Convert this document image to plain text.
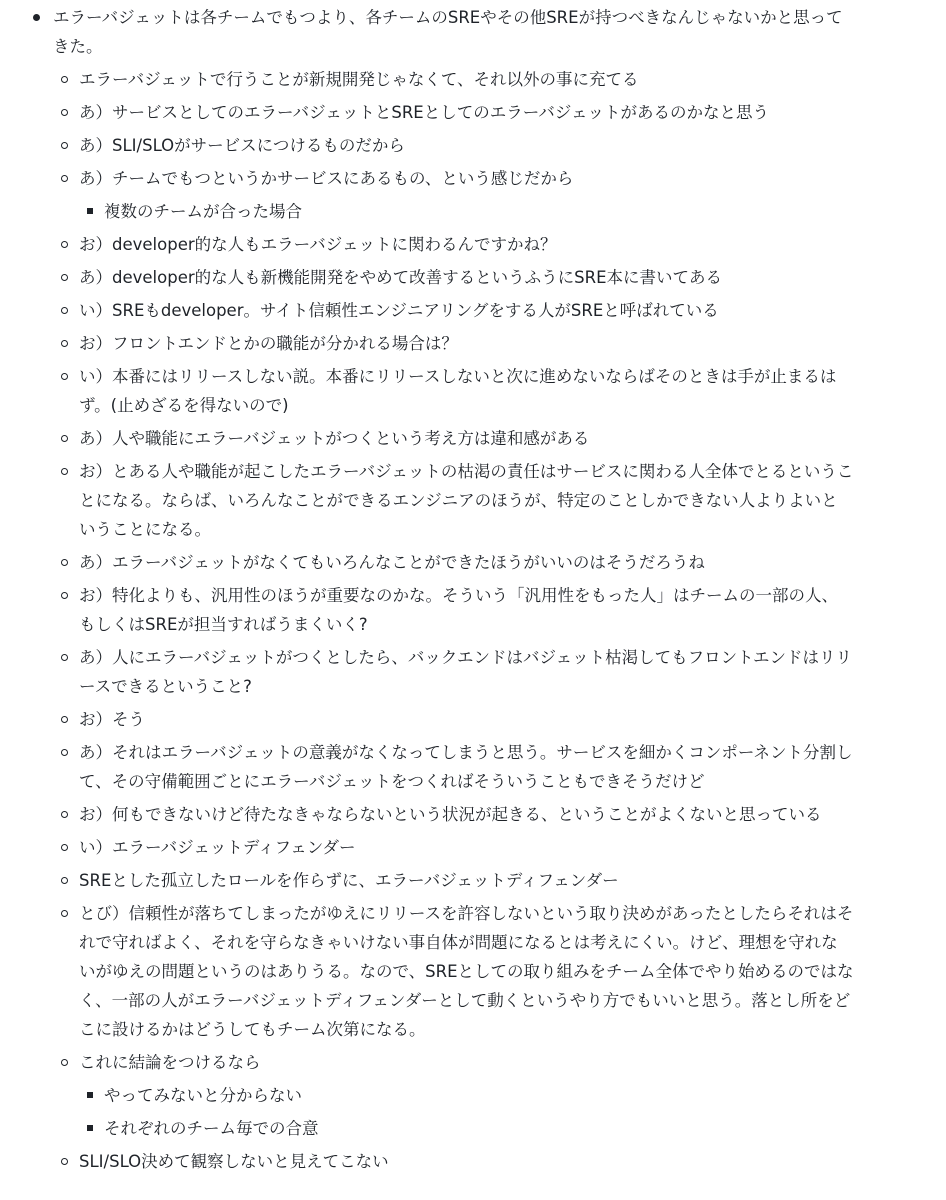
エラーバジェットは各チームでもつより、各チームのSREやその他SREが持つべきなんじゃないかと思ってきた。
エラーバジェットで行うことが新規開発じゃなくて、それ以外の事に充てる
あ）サービスとしてのエラーバジェットとSREとしてのエラーバジェットがあるのかなと思う
あ）SLI/SLOがサービスにつけるものだから
あ）チームでもつというかサービスにあるもの、という感じだから
複数のチームが合った場合
お）developer的な人もエラーバジェットに関わるんですかね？
あ）developer的な人も新機能開発をやめて改善するというふうにSRE本に書いてある
い）SREもdeveloper。サイト信頼性エンジニアリングをする人がSREと呼ばれている
お）フロントエンドとかの職能が分かれる場合は？
い）本番にはリリースしない説。本番にリリースしないと次に進めないならばそのときは手が止まるはず。(止めざるを得ないので)
あ）人や職能にエラーバジェットがつくという考え方は違和感がある
お）とある人や職能が起こしたエラーバジェットの枯渇の責任はサービスに関わる人全体でとるということになる。ならば、いろんなことができるエンジニアのほうが、特定のことしかできない人よりよいということになる。
あ）エラーバジェットがなくてもいろんなことができたほうがいいのはそうだろうね
お）特化よりも、汎用性のほうが重要なのかな。そういう「汎用性をもった人」はチームの一部の人、もしくはSREが担当すればうまくいく?
あ）人にエラーバジェットがつくとしたら、バックエンドはバジェット枯渇してもフロントエンドはリリースできるということ?
お）そう
あ）それはエラーバジェットの意義がなくなってしまうと思う。サービスを細かくコンポーネント分割して、その守備範囲ごとにエラーバジェットをつくればそういうこともできそうだけど
お）何もできないけど待たなきゃならないという状況が起きる、ということがよくないと思っている
い）エラーバジェットディフェンダー
SREとした孤立したロールを作らずに、エラーバジェットディフェンダー
とび）信頼性が落ちてしまったがゆえにリリースを許容しないという取り決めがあったとしたらそれはそれで守ればよく、それを守らなきゃいけない事自体が問題になるとは考えにくい。けど、理想を守れないがゆえの問題というのはありうる。なので、SREとしての取り組みをチーム全体でやり始めるのではなく、一部の人がエラーバジェットディフェンダーとして動くというやり方でもいいと思う。落とし所をどこに設けるかはどうしてもチーム次第になる。
これに結論をつけるなら
やってみないと分からない
それぞれのチーム毎での合意
SLI/SLO決めて観察しないと見えてこない
